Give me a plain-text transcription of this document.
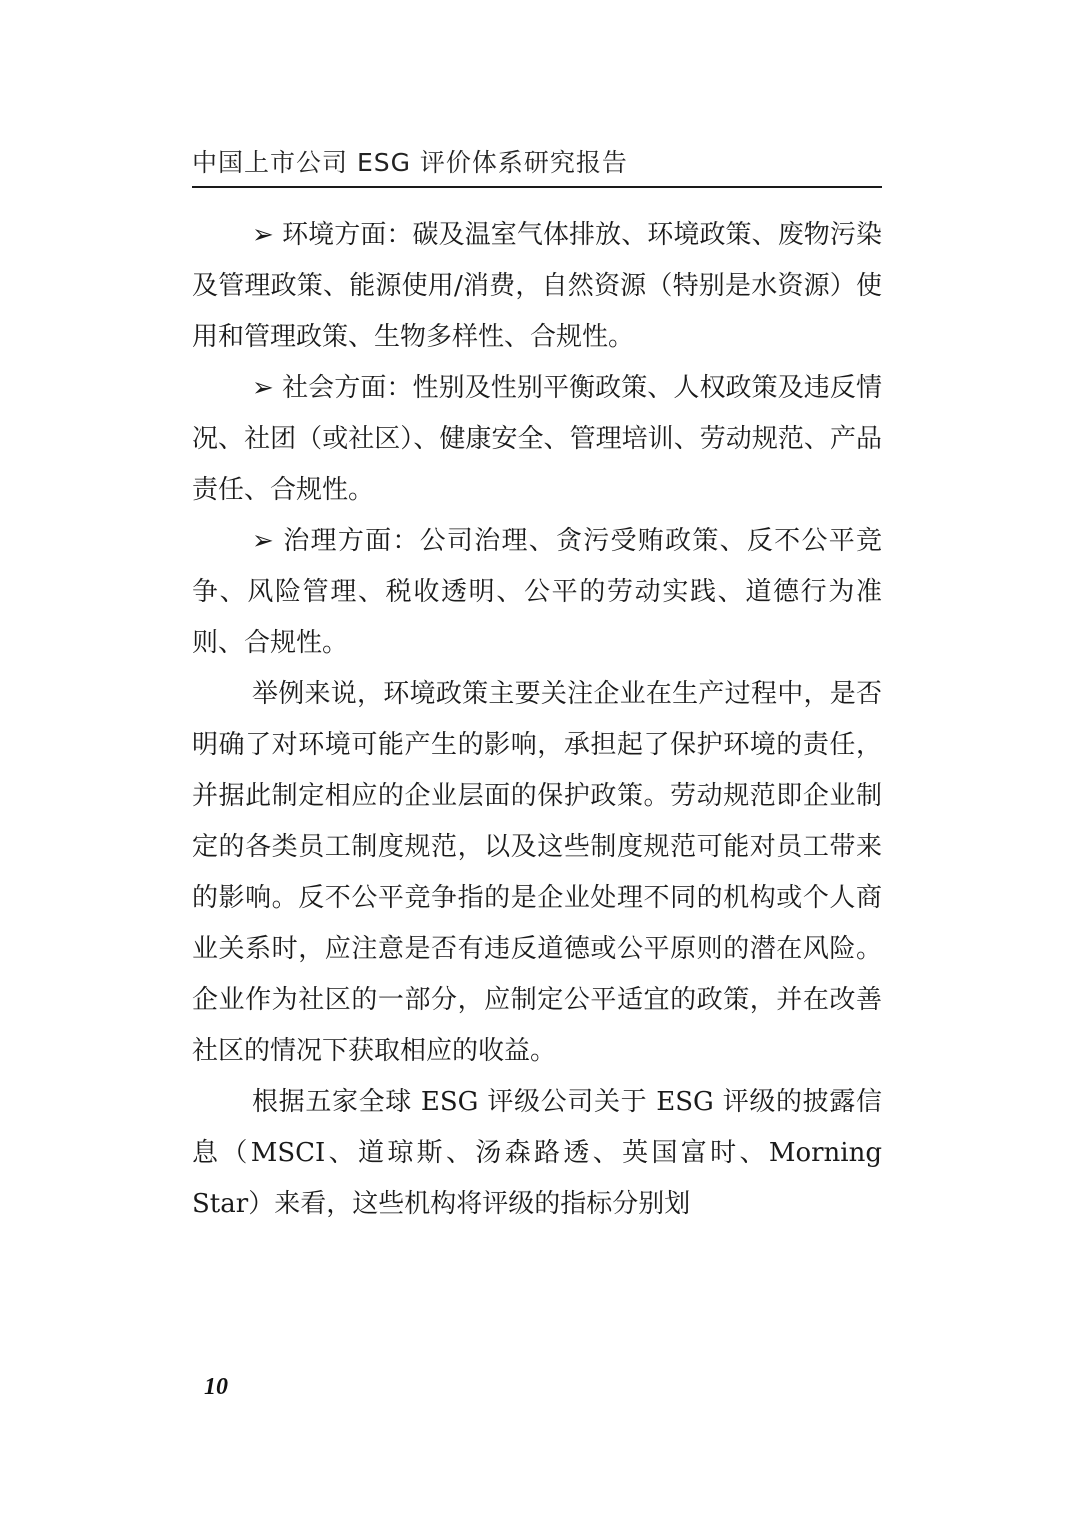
中国上市公司 ESG 评价体系研究报告

➢ 环境方面：碳及温室气体排放、环境政策、废物污染及管理政策、能源使用/消费，自然资源（特别是水资源）使用和管理政策、生物多样性、合规性。

➢ 社会方面：性别及性别平衡政策、人权政策及违反情况、社团（或社区）、健康安全、管理培训、劳动规范、产品责任、合规性。

➢ 治理方面：公司治理、贪污受贿政策、反不公平竞争、风险管理、税收透明、公平的劳动实践、道德行为准则、合规性。

举例来说，环境政策主要关注企业在生产过程中，是否明确了对环境可能产生的影响，承担起了保护环境的责任，并据此制定相应的企业层面的保护政策。劳动规范即企业制定的各类员工制度规范，以及这些制度规范可能对员工带来的影响。反不公平竞争指的是企业处理不同的机构或个人商业关系时，应注意是否有违反道德或公平原则的潜在风险。企业作为社区的一部分，应制定公平适宜的政策，并在改善社区的情况下获取相应的收益。

根据五家全球 ESG 评级公司关于 ESG 评级的披露信息（MSCI、道琼斯、汤森路透、英国富时、Morning Star）来看，这些机构将评级的指标分别划

10
